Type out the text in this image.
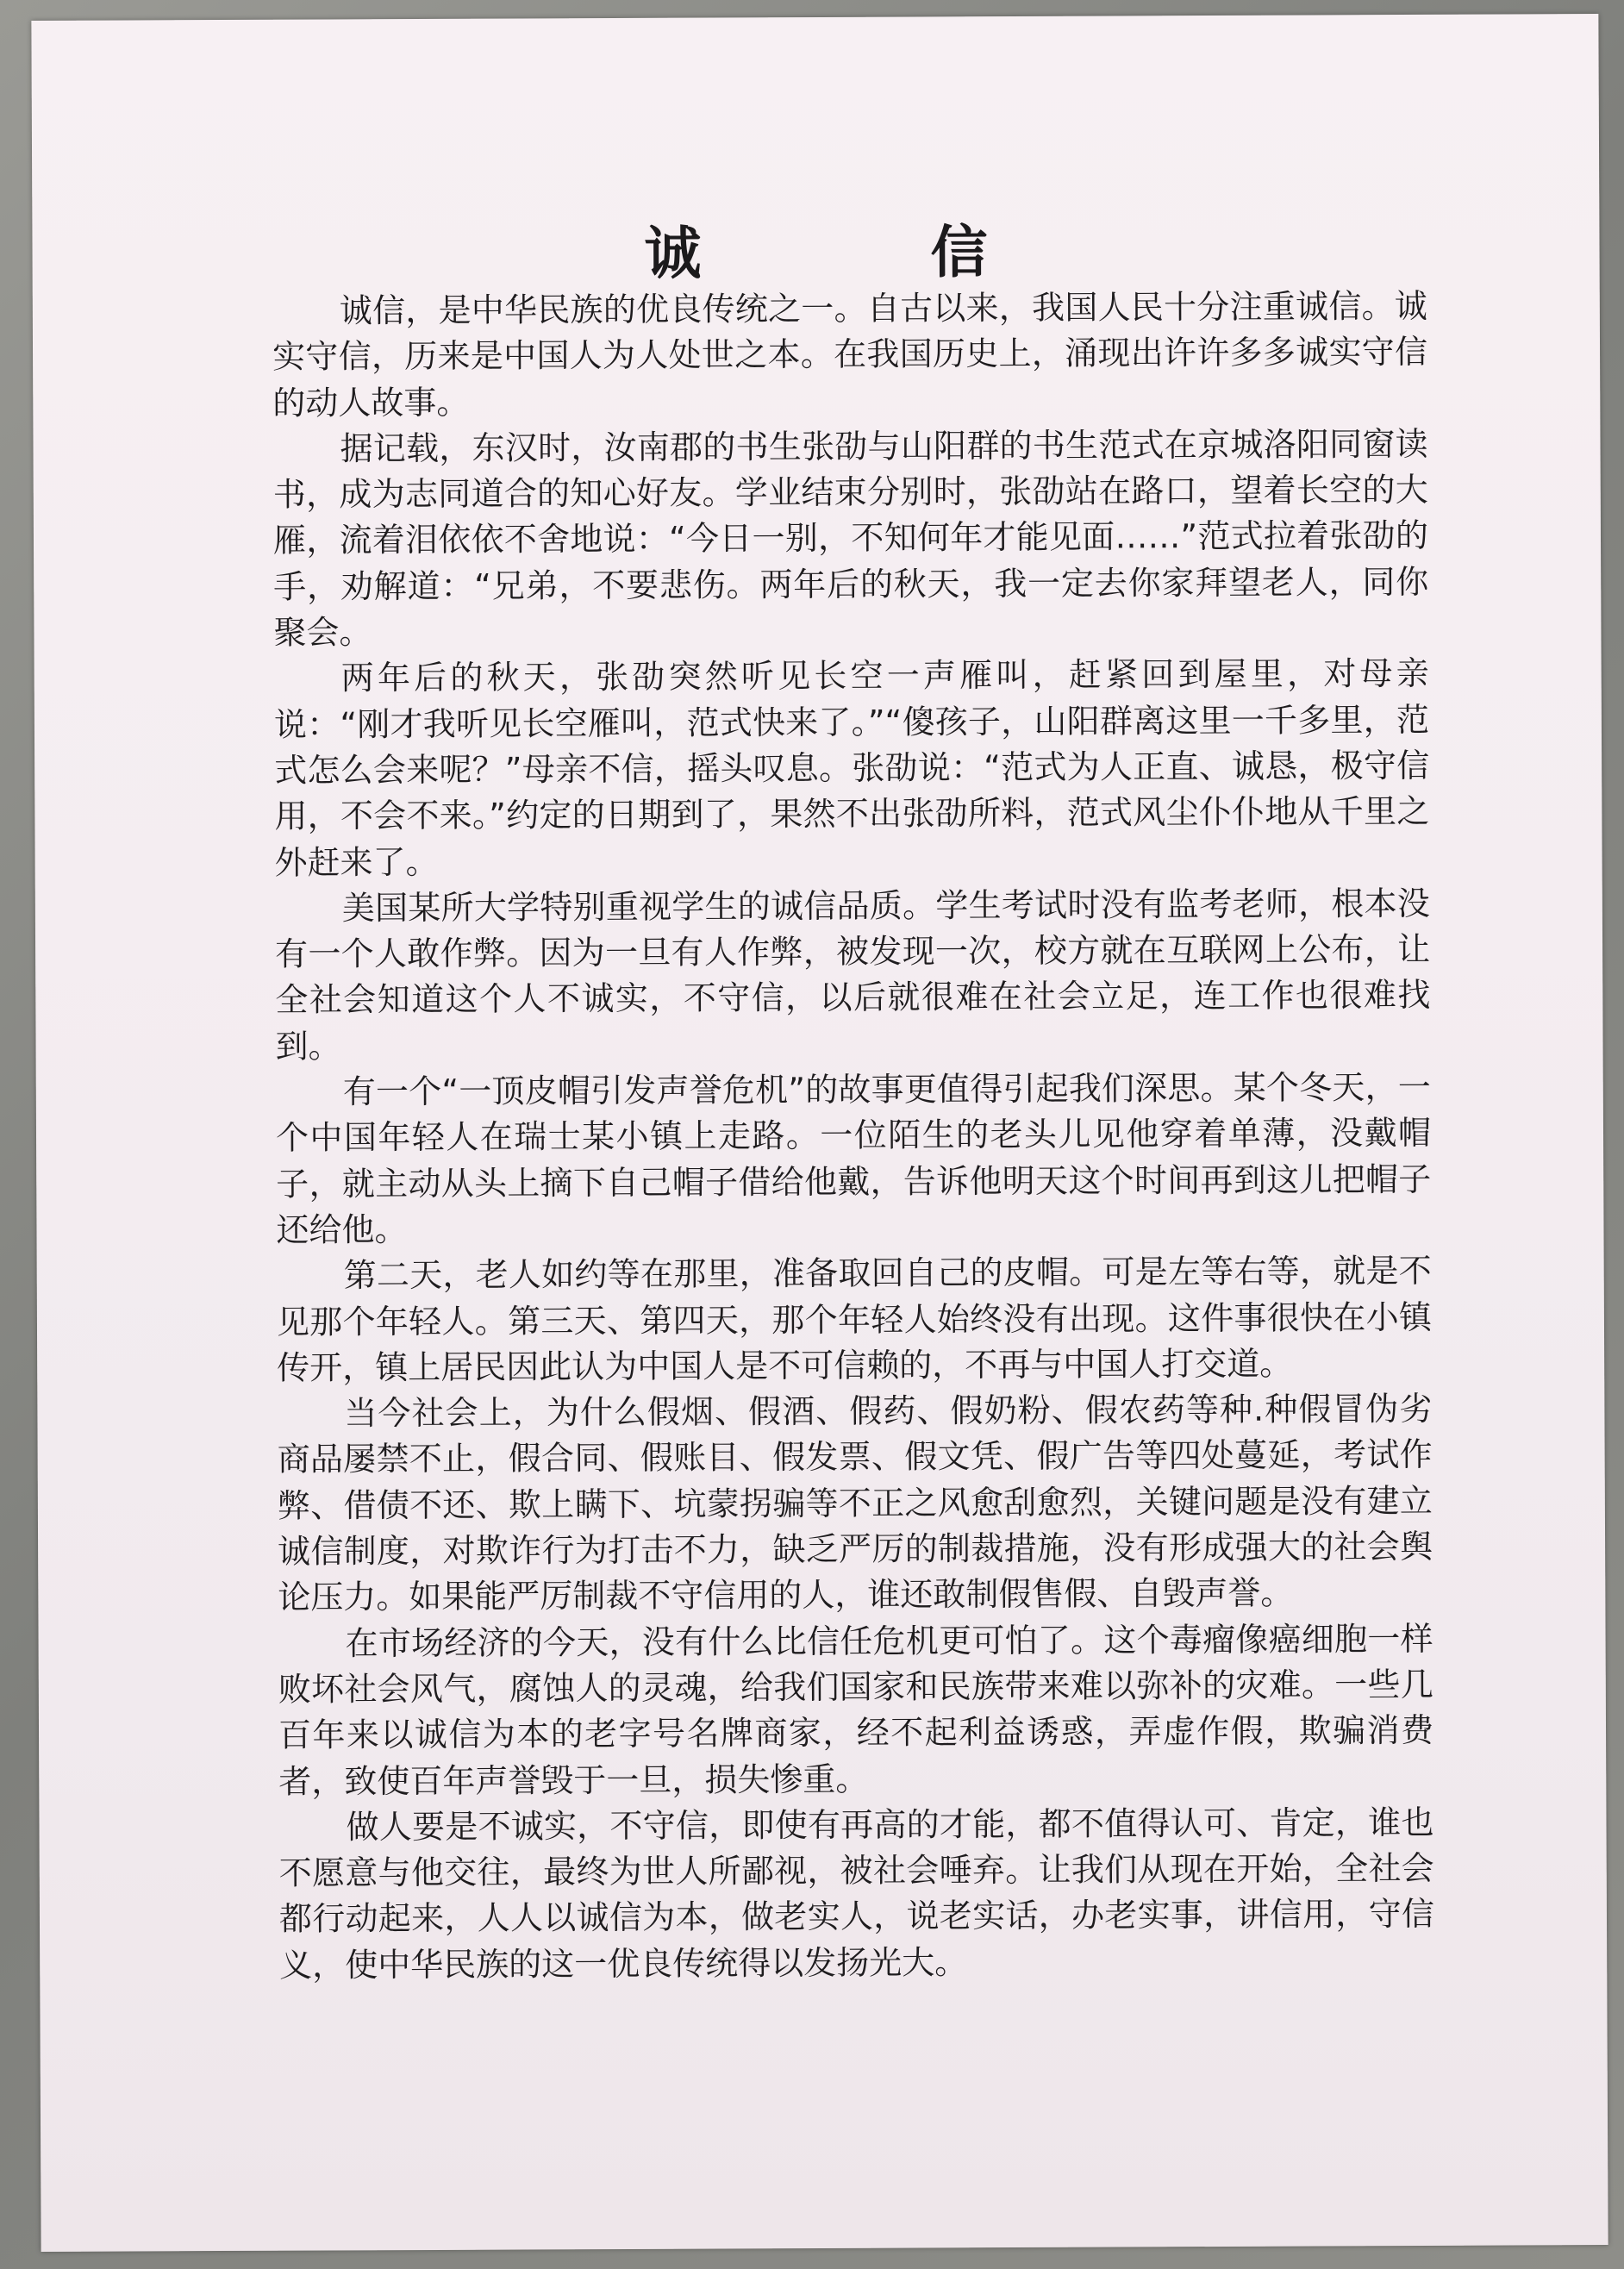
诚　信

诚信，是中华民族的优良传统之一。自古以来，我国人民十分注重诚信。诚实守信，历来是中国人为人处世之本。在我国历史上，涌现出许许多多诚实守信的动人故事。

据记载，东汉时，汝南郡的书生张劭与山阳群的书生范式在京城洛阳同窗读书，成为志同道合的知心好友。学业结束分别时，张劭站在路口，望着长空的大雁，流着泪依依不舍地说：“今日一别，不知何年才能见面……”范式拉着张劭的手，劝解道：“兄弟，不要悲伤。两年后的秋天，我一定去你家拜望老人，同你聚会。

两年后的秋天，张劭突然听见长空一声雁叫，赶紧回到屋里，对母亲说：“刚才我听见长空雁叫，范式快来了。”“傻孩子，山阳群离这里一千多里，范式怎么会来呢？”母亲不信，摇头叹息。张劭说：“范式为人正直、诚恳，极守信用，不会不来。”约定的日期到了，果然不出张劭所料，范式风尘仆仆地从千里之外赶来了。

美国某所大学特别重视学生的诚信品质。学生考试时没有监考老师，根本没有一个人敢作弊。因为一旦有人作弊，被发现一次，校方就在互联网上公布，让全社会知道这个人不诚实，不守信，以后就很难在社会立足，连工作也很难找到。

有一个“一顶皮帽引发声誉危机”的故事更值得引起我们深思。某个冬天，一个中国年轻人在瑞士某小镇上走路。一位陌生的老头儿见他穿着单薄，没戴帽子，就主动从头上摘下自己帽子借给他戴，告诉他明天这个时间再到这儿把帽子还给他。

第二天，老人如约等在那里，准备取回自己的皮帽。可是左等右等，就是不见那个年轻人。第三天、第四天，那个年轻人始终没有出现。这件事很快在小镇传开，镇上居民因此认为中国人是不可信赖的，不再与中国人打交道。

当今社会上，为什么假烟、假酒、假药、假奶粉、假农药等种.种假冒伪劣商品屡禁不止，假合同、假账目、假发票、假文凭、假广告等四处蔓延，考试作弊、借债不还、欺上瞒下、坑蒙拐骗等不正之风愈刮愈烈，关键问题是没有建立诚信制度，对欺诈行为打击不力，缺乏严厉的制裁措施，没有形成强大的社会舆论压力。如果能严厉制裁不守信用的人，谁还敢制假售假、自毁声誉。

在市场经济的今天，没有什么比信任危机更可怕了。这个毒瘤像癌细胞一样败坏社会风气，腐蚀人的灵魂，给我们国家和民族带来难以弥补的灾难。一些几百年来以诚信为本的老字号名牌商家，经不起利益诱惑，弄虚作假，欺骗消费者，致使百年声誉毁于一旦，损失惨重。

做人要是不诚实，不守信，即使有再高的才能，都不值得认可、肯定，谁也不愿意与他交往，最终为世人所鄙视，被社会唾弃。让我们从现在开始，全社会都行动起来，人人以诚信为本，做老实人，说老实话，办老实事，讲信用，守信义，使中华民族的这一优良传统得以发扬光大。
